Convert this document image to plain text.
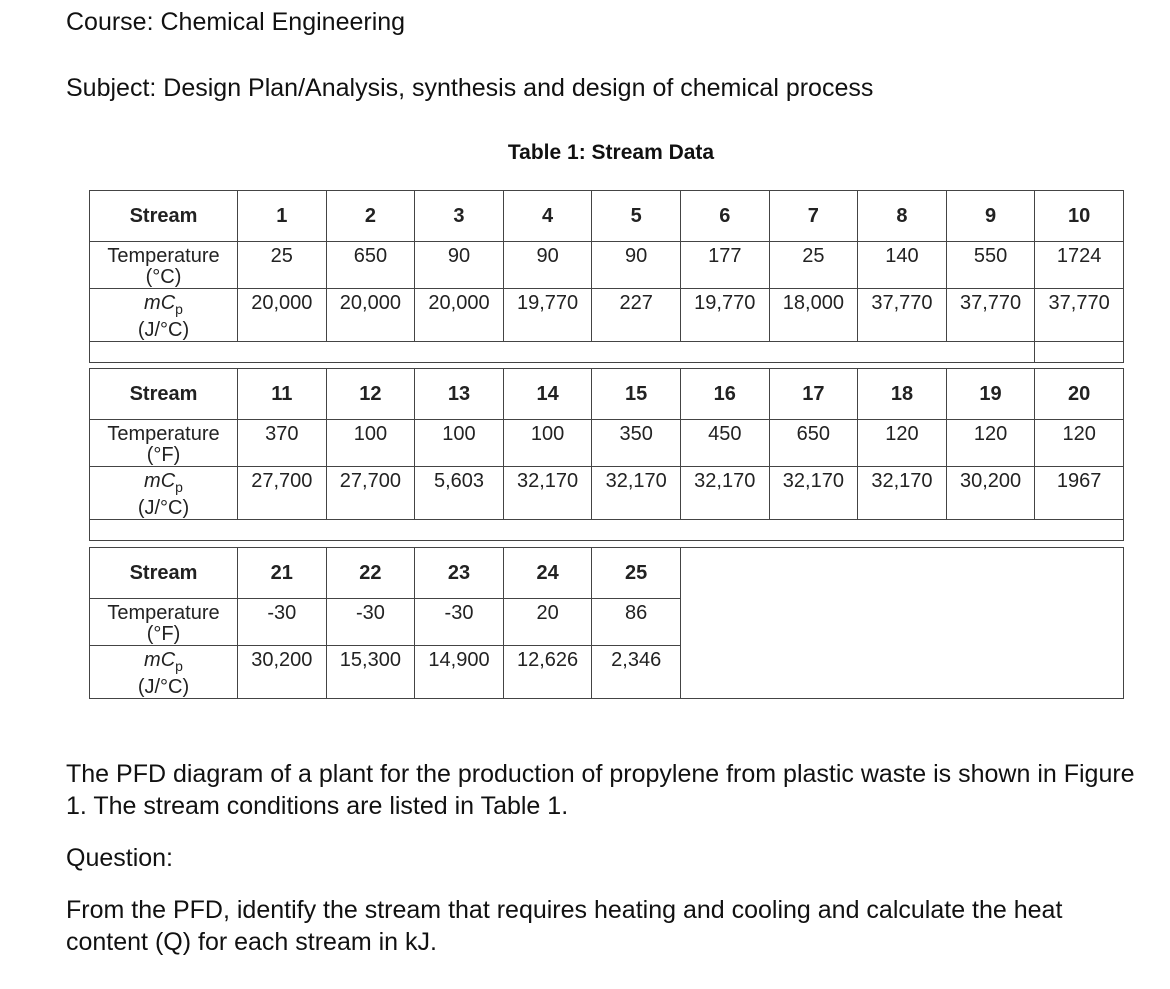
Course: Chemical Engineering
Subject: Design Plan/Analysis, synthesis and design of chemical process
Table 1: Stream Data
Stream	1	2	3	4	5	6	7	8	9	10
Temperature
(°C)	25	650	90	90	90	177	25	140	550	1724
$mC_p$
(J/°C)	20,000	20,000	20,000	19,770	227	19,770	18,000	37,770	37,770	37,770

Stream	11	12	13	14	15	16	17	18	19	20
Temperature
(°F)	370	100	100	100	350	450	650	120	120	120
$mC_p$
(J/°C)	27,700	27,700	5,603	32,170	32,170	32,170	32,170	32,170	30,200	1967

Stream	21	22	23	24	25	
Temperature
(°F)	-30	-30	-30	20	86	
$mC_p$
(J/°C)	30,200	15,300	14,900	12,626	2,346	
The PFD diagram of a plant for the production of propylene from plastic waste is shown in Figure 1. The stream conditions are listed in Table 1.
Question:
From the PFD, identify the stream that requires heating and cooling and calculate the heat content (Q) for each stream in kJ.
